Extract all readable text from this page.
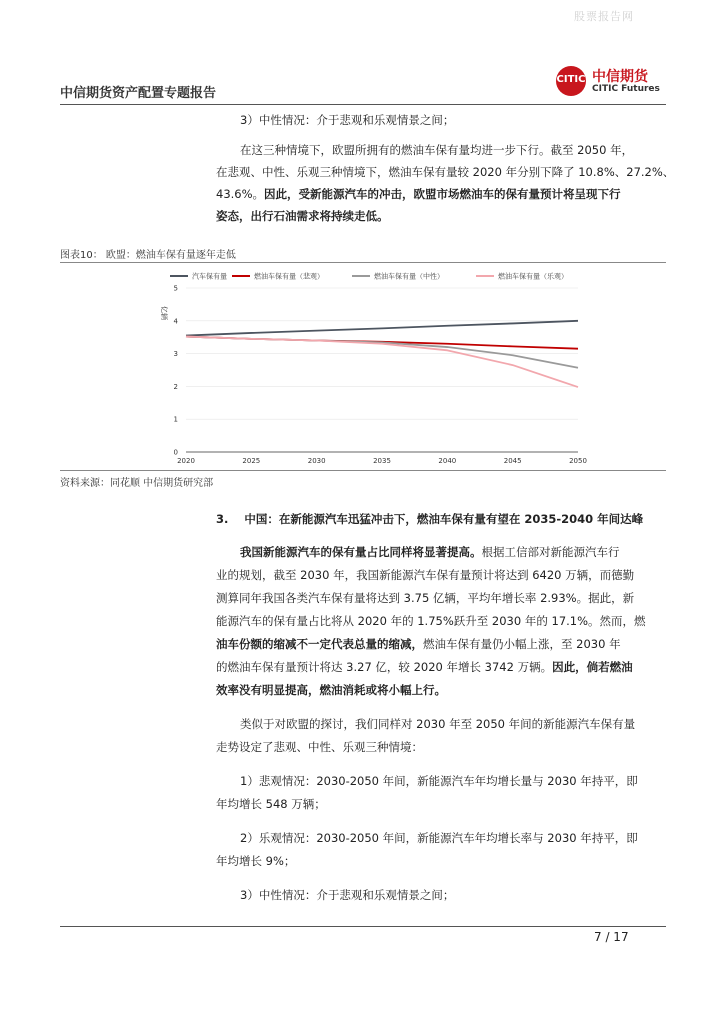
股票报告网
中信期货资产配置专题报告
CITIC 中信期货
CITIC Futures
3）中性情况：介于悲观和乐观情景之间；
在这三种情境下，欧盟所拥有的燃油车保有量均进一步下行。截至 2050 年，
在悲观、中性、乐观三种情境下，燃油车保有量较 2020 年分别下降了 10.8%、27.2%、
43.6%。因此，受新能源汽车的冲击，欧盟市场燃油车的保有量预计将呈现下行
姿态，出行石油需求将持续走低。
图表10： 欧盟：燃油车保有量逐年走低
汽车保有量	燃油车保有量（悲观）	燃油车保有量（中性）	燃油车保有量（乐观）
亿辆
0
1
2
3
4
5
2020	2025	2030	2035	2040	2045	2050
资料来源：同花顺 中信期货研究部
3. 中国：在新能源汽车迅猛冲击下，燃油车保有量有望在 2035-2040 年间达峰
我国新能源汽车的保有量占比同样将显著提高。根据工信部对新能源汽车行
业的规划，截至 2030 年，我国新能源汽车保有量预计将达到 6420 万辆，而德勤
测算同年我国各类汽车保有量将达到 3.75 亿辆，平均年增长率 2.93%。据此，新
能源汽车的保有量占比将从 2020 年的 1.75%跃升至 2030 年的 17.1%。然而，燃
油车份额的缩减不一定代表总量的缩减，燃油车保有量仍小幅上涨，至 2030 年
的燃油车保有量预计将达 3.27 亿，较 2020 年增长 3742 万辆。因此，倘若燃油
效率没有明显提高，燃油消耗或将小幅上行。
类似于对欧盟的探讨，我们同样对 2030 年至 2050 年间的新能源汽车保有量
走势设定了悲观、中性、乐观三种情境：
1）悲观情况：2030-2050 年间，新能源汽车年均增长量与 2030 年持平，即
年均增长 548 万辆；
2）乐观情况：2030-2050 年间，新能源汽车年均增长率与 2030 年持平，即
年均增长 9%；
3）中性情况：介于悲观和乐观情景之间；
7 / 17
